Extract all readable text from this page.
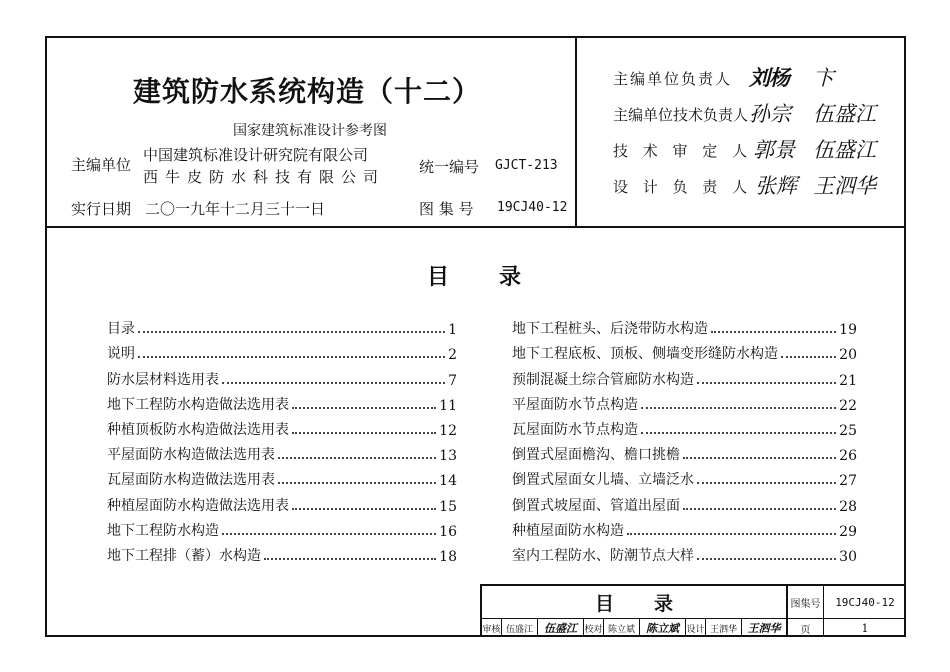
建筑防水系统构造（十二）
国家建筑标准设计参考图
主编单位
中国建筑标准设计研究院有限公司
西牛皮防水科技有限公司
实行日期 二〇一九年十二月三十一日
统一编号 GJCT-213
图 集 号 19CJ40-12
主编单位负责人 刘杨 卞
主编单位技术负责人 孙宗 伍盛江
技 术 审 定 人 郭景 伍盛江
设 计 负 责 人 张辉 王泗华
目录
目录	1
说明	2
防水层材料选用表	7
地下工程防水构造做法选用表	11
种植顶板防水构造做法选用表	12
平屋面防水构造做法选用表	13
瓦屋面防水构造做法选用表	14
种植屋面防水构造做法选用表	15
地下工程防水构造	16
地下工程排（蓄）水构造	18
地下工程桩头、后浇带防水构造	19
地下工程底板、顶板、侧墙变形缝防水构造	20
预制混凝土综合管廊防水构造	21
平屋面防水节点构造	22
瓦屋面防水节点构造	25
倒置式屋面檐沟、檐口挑檐	26
倒置式屋面女儿墙、立墙泛水	27
倒置式坡屋面、管道出屋面	28
种植屋面防水构造	29
室内工程防水、防潮节点大样	30
目录	图集号	19CJ40-12
审核 伍盛江	伍盛江 校对 陈立斌	陈立斌 设计 王泗华 王泗华	页	1
